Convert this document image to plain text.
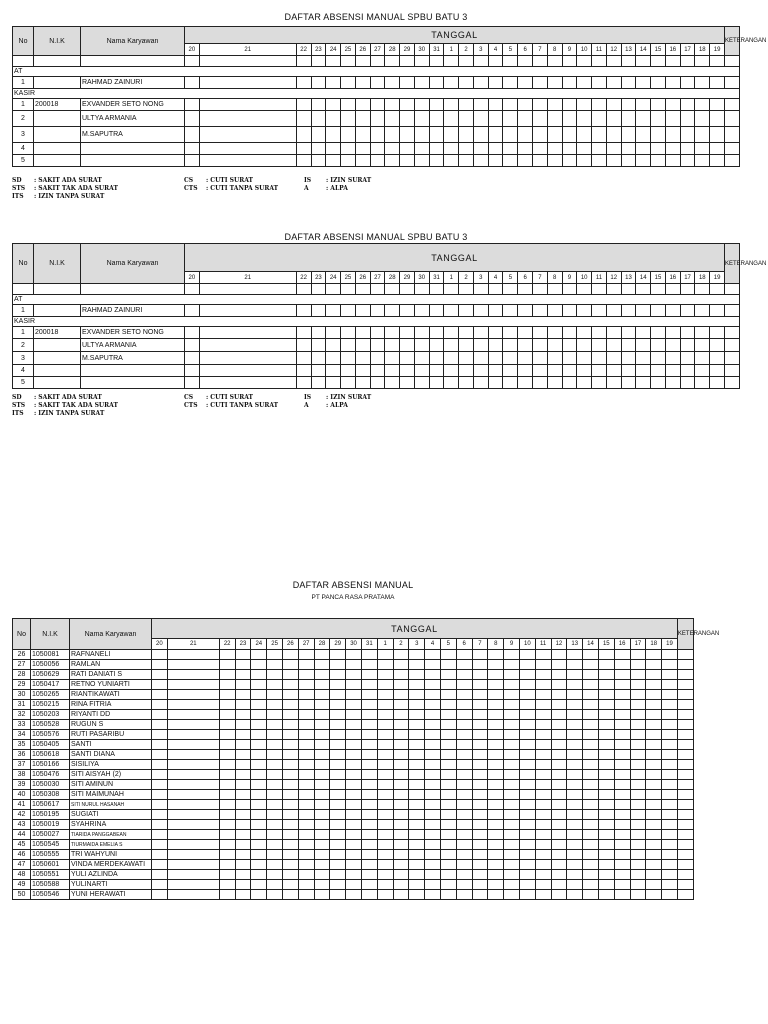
DAFTAR ABSENSI MANUAL SPBU BATU 3
No	N.I.K	Nama Karyawan	TANGGAL																															KETERANGAN
			20	21	22	23	24	25	26	27	28	29	30	31	1	2	3	4	5	6	7	8	9	10	11	12	13	14	15	16	17	18	19	

AT																																		
1		RAHMAD ZAINURI																																
KASIR																																		
1	200018	EXVANDER SETO NONG																																
2		ULTYA ARMANIA																																
3		M.SAPUTRA																																
4																																		
5																																		
SD : SAKIT ADA SURAT
STS : SAKIT TAK ADA SURAT
ITS : IZIN TANPA SURAT
CS : CUTI SURAT
CTS : CUTI TANPA SURAT
IS : IZIN SURAT
A	: ALPA
DAFTAR ABSENSI MANUAL SPBU BATU 3
No	N.I.K	Nama Karyawan	TANGGAL																															KETERANGAN
			20	21	22	23	24	25	26	27	28	29	30	31	1	2	3	4	5	6	7	8	9	10	11	12	13	14	15	16	17	18	19	

AT																																		
1		RAHMAD ZAINURI																																
KASIR																																		
1	200018	EXVANDER SETO NONG																																
2		ULTYA ARMANIA																																
3		M.SAPUTRA																																
4																																		
5																																		
SD : SAKIT ADA SURAT
STS : SAKIT TAK ADA SURAT
ITS : IZIN TANPA SURAT
CS : CUTI SURAT
CTS : CUTI TANPA SURAT
IS : IZIN SURAT
A	: ALPA
DAFTAR ABSENSI MANUAL
PT PANCA RASA PRATAMA
No	N.I.K	Nama Karyawan	TANGGAL																															KETERANGAN
			20	21	22	23	24	25	26	27	28	29	30	31	1	2	3	4	5	6	7	8	9	10	11	12	13	14	15	16	17	18	19	
26	1050081	RAFNANELI																																
27	1050056	RAMLAN																																
28	1050629	RATI DANIATI S																																
29	1050417	RETNO YUNIARTI																																
30	1050265	RIANTIKAWATI																																
31	1050215	RINA FITRIA																																
32	1050203	RIYANTI DD																																
33	1050528	RUGUN S																																
34	1050576	RUTI PASARIBU																																
35	1050405	SANTI																																
36	1050618	SANTI DIANA																																
37	1050166	SISILIYA																																
38	1050476	SITI AISYAH (2)																																
39	1050030	SITI AMINUN																																
40	1050308	SITI MAIMUNAH																																
41	1050617	SITI NURUL HASANAH																																
42	1050195	SUGIATI																																
43	1050019	SYAHRINA																																
44	1050027	TIARIDA PANGGABEAN																																
45	1050545	TIURMAIDA EMELIA S																																
46	1050555	TRI WAHYUNI																																
47	1050601	VINDA MERDEKAWATI																																
48	1050551	YULI AZLINDA																																
49	1050588	YULINARTI																																
50	1050546	YUNI HERAWATI																																
